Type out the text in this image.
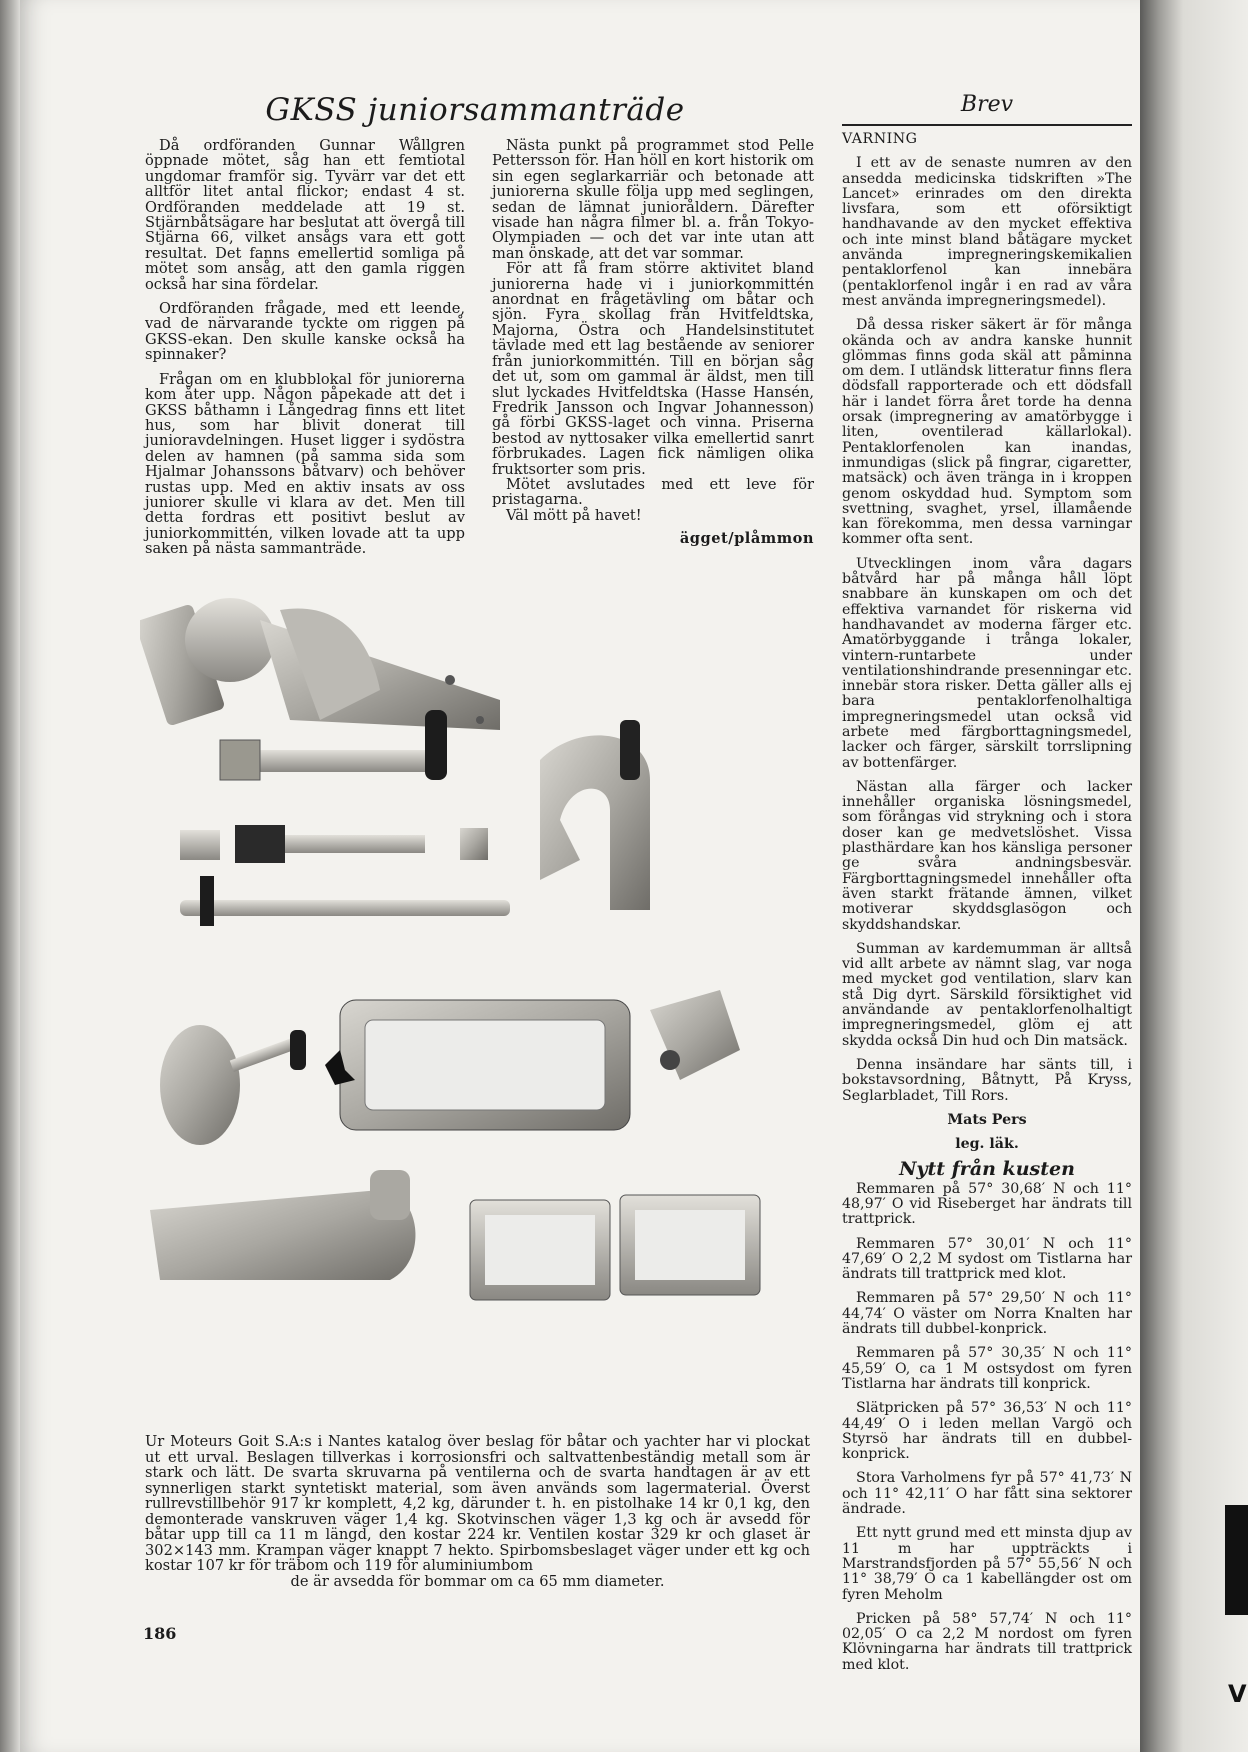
V
GKSS juniorsammanträde	Brev

Då ordföranden Gunnar Wållgren öppnade mötet, såg han ett femtiotal ungdomar framför sig. Tyvärr var det ett alltför litet antal flickor; endast 4 st. Ordföranden meddelade att 19 st. Stjärnbåtsägare har beslutat att övergå till Stjärna 66, vilket ansågs vara ett gott resultat. Det fanns emellertid somliga på mötet som ansåg, att den gamla riggen också har sina fördelar.

Ordföranden frågade, med ett leende, vad de närvarande tyckte om riggen på GKSS-ekan. Den skulle kanske också ha spinnaker?

Frågan om en klubblokal för juniorerna kom åter upp. Någon påpekade att det i GKSS båthamn i Långedrag finns ett litet hus, som har blivit donerat till junioravdelningen. Huset ligger i sydöstra delen av hamnen (på samma sida som Hjalmar Johanssons båtvarv) och behöver rustas upp. Med en aktiv insats av oss juniorer skulle vi klara av det. Men till detta fordras ett positivt beslut av juniorkommittén, vilken lovade att ta upp saken på nästa sammanträde.

Nästa punkt på programmet stod Pelle Pettersson för. Han höll en kort historik om sin egen seglarkarriär och betonade att juniorerna skulle följa upp med seglingen, sedan de lämnat junioråldern. Därefter visade han några filmer bl. a. från Tokyo-Olympiaden — och det var inte utan att man önskade, att det var sommar.

För att få fram större aktivitet bland juniorerna hade vi i juniorkommittén anordnat en frågetävling om båtar och sjön. Fyra skollag från Hvitfeldtska, Majorna, Östra och Handelsinstitutet tävlade med ett lag bestående av seniorer från juniorkommittén. Till en början såg det ut, som om gammal är äldst, men till slut lyckades Hvitfeldtska (Hasse Hansén, Fredrik Jansson och Ingvar Johannesson) gå förbi GKSS-laget och vinna. Priserna bestod av nyttosaker vilka emellertid sanrt förbrukades. Lagen fick nämligen olika fruktsorter som pris.

Mötet avslutades med ett leve för pristagarna.

Väl mött på havet!

ägget/plåmmon

Ur Moteurs Goit S.A:s i Nantes katalog över beslag för båtar och yachter har vi plockat ut ett urval. Beslagen tillverkas i korrosionsfri och saltvattenbeständig metall som är stark och lätt. De svarta skruvarna på ventilerna och de svarta handtagen är av ett synnerligen starkt syntetiskt material, som även används som lagermaterial. Överst rullrevstillbehör 917 kr komplett, 4,2 kg, därunder t. h. en pistolhake 14 kr 0,1 kg, den demonterade vanskruven väger 1,4 kg. Skotvinschen väger 1,3 kg och är avsedd för båtar upp till ca 11 m längd, den kostar 224 kr. Ventilen kostar 329 kr och glaset är 302×143 mm. Krampan väger knappt 7 hekto. Spirbomsbeslaget väger under ett kg och kostar 107 kr för träbom och 119 för aluminiumbom
de är avsedda för bommar om ca 65 mm diameter.
186

VARNING

I ett av de senaste numren av den ansedda medicinska tidskriften »The Lancet» erinrades om den direkta livsfara, som ett oförsiktigt handhavande av den mycket effektiva och inte minst bland båtägare mycket använda impregneringskemikalien pentaklorfenol kan innebära (pentaklorfenol ingår i en rad av våra mest använda impregneringsmedel).

Då dessa risker säkert är för många okända och av andra kanske hunnit glömmas finns goda skäl att påminna om dem. I utländsk litteratur finns flera dödsfall rapporterade och ett dödsfall här i landet förra året torde ha denna orsak (impregnering av amatörbygge i liten, oventilerad källarlokal). Pentaklorfenolen kan inandas, inmundigas (slick på fingrar, cigaretter, matsäck) och även tränga in i kroppen genom oskyddad hud. Symptom som svettning, svaghet, yrsel, illamående kan förekomma, men dessa varningar kommer ofta sent.

Utvecklingen inom våra dagars båtvård har på många håll löpt snabbare än kunskapen om och det effektiva varnandet för riskerna vid handhavandet av moderna färger etc. Amatörbyggande i trånga lokaler, vintern-runtarbete under ventilationshindrande presenningar etc. innebär stora risker. Detta gäller alls ej bara pentaklorfenolhaltiga impregneringsmedel utan också vid arbete med färgborttagningsmedel, lacker och färger, särskilt torrslipning av bottenfärger.

Nästan alla färger och lacker innehåller organiska lösningsmedel, som förångas vid strykning och i stora doser kan ge medvetslöshet. Vissa plasthärdare kan hos känsliga personer ge svåra andningsbesvär. Färgborttagningsmedel innehåller ofta även starkt frätande ämnen, vilket motiverar skyddsglasögon och skyddshandskar.

Summan av kardemumman är alltså vid allt arbete av nämnt slag, var noga med mycket god ventilation, slarv kan stå Dig dyrt. Särskild försiktighet vid användande av pentaklorfenolhaltigt impregneringsmedel, glöm ej att skydda också Din hud och Din matsäck.

Denna insändare har sänts till, i bokstavsordning, Båtnytt, På Kryss, Seglarbladet, Till Rors.

Mats Pers

leg. läk.

Nytt från kusten

Remmaren på 57° 30,68′ N och 11° 48,97′ O vid Riseberget har ändrats till trattprick.

Remmaren 57° 30,01′ N och 11° 47,69′ O 2,2 M sydost om Tistlarna har ändrats till trattprick med klot.

Remmaren på 57° 29,50′ N och 11° 44,74′ O väster om Norra Knalten har ändrats till dubbel-konprick.

Remmaren på 57° 30,35′ N och 11° 45,59′ O, ca 1 M ostsydost om fyren Tistlarna har ändrats till konprick.

Slätpricken på 57° 36,53′ N och 11° 44,49′ O i leden mellan Vargö och Styrsö har ändrats till en dubbel-konprick.

Stora Varholmens fyr på 57° 41,73′ N och 11° 42,11′ O har fått sina sektorer ändrade.

Ett nytt grund med ett minsta djup av 11 m har uppträckts i Marstrandsfjorden på 57° 55,56′ N och 11° 38,79′ O ca 1 kabellängder ost om fyren Meholm

Pricken på 58° 57,74′ N och 11° 02,05′ O ca 2,2 M nordost om fyren Klövningarna har ändrats till trattprick med klot.
